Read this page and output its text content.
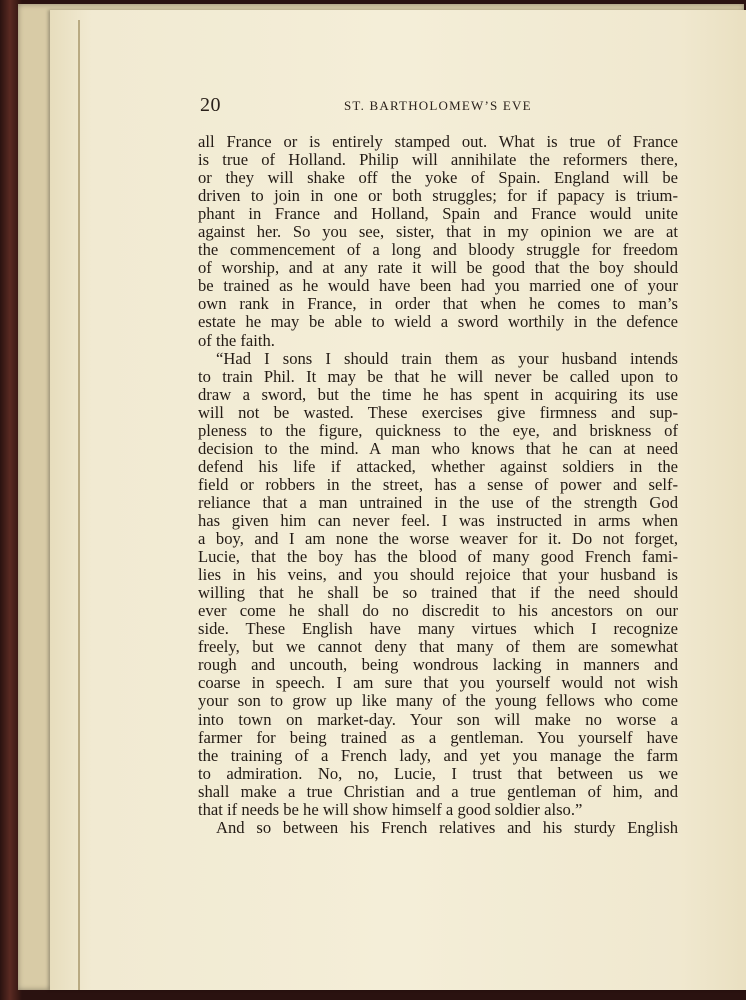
20	ST. BARTHOLOMEW’S EVE
all France or is entirely stamped out. What is true of France
is true of Holland. Philip will annihilate the reformers there,
or they will shake off the yoke of Spain. England will be
driven to join in one or both struggles; for if papacy is trium-
phant in France and Holland, Spain and France would unite
against her. So you see, sister, that in my opinion we are at
the commencement of a long and bloody struggle for freedom
of worship, and at any rate it will be good that the boy should
be trained as he would have been had you married one of your
own rank in France, in order that when he comes to man’s
estate he may be able to wield a sword worthily in the defence
of the faith.
“Had I sons I should train them as your husband intends
to train Phil. It may be that he will never be called upon to
draw a sword, but the time he has spent in acquiring its use
will not be wasted. These exercises give firmness and sup-
pleness to the figure, quickness to the eye, and briskness of
decision to the mind. A man who knows that he can at need
defend his life if attacked, whether against soldiers in the
field or robbers in the street, has a sense of power and self-
reliance that a man untrained in the use of the strength God
has given him can never feel. I was instructed in arms when
a boy, and I am none the worse weaver for it. Do not forget,
Lucie, that the boy has the blood of many good French fami-
lies in his veins, and you should rejoice that your husband is
willing that he shall be so trained that if the need should
ever come he shall do no discredit to his ancestors on our
side. These English have many virtues which I recognize
freely, but we cannot deny that many of them are somewhat
rough and uncouth, being wondrous lacking in manners and
coarse in speech. I am sure that you yourself would not wish
your son to grow up like many of the young fellows who come
into town on market-day. Your son will make no worse a
farmer for being trained as a gentleman. You yourself have
the training of a French lady, and yet you manage the farm
to admiration. No, no, Lucie, I trust that between us we
shall make a true Christian and a true gentleman of him, and
that if needs be he will show himself a good soldier also.”
And so between his French relatives and his sturdy English
